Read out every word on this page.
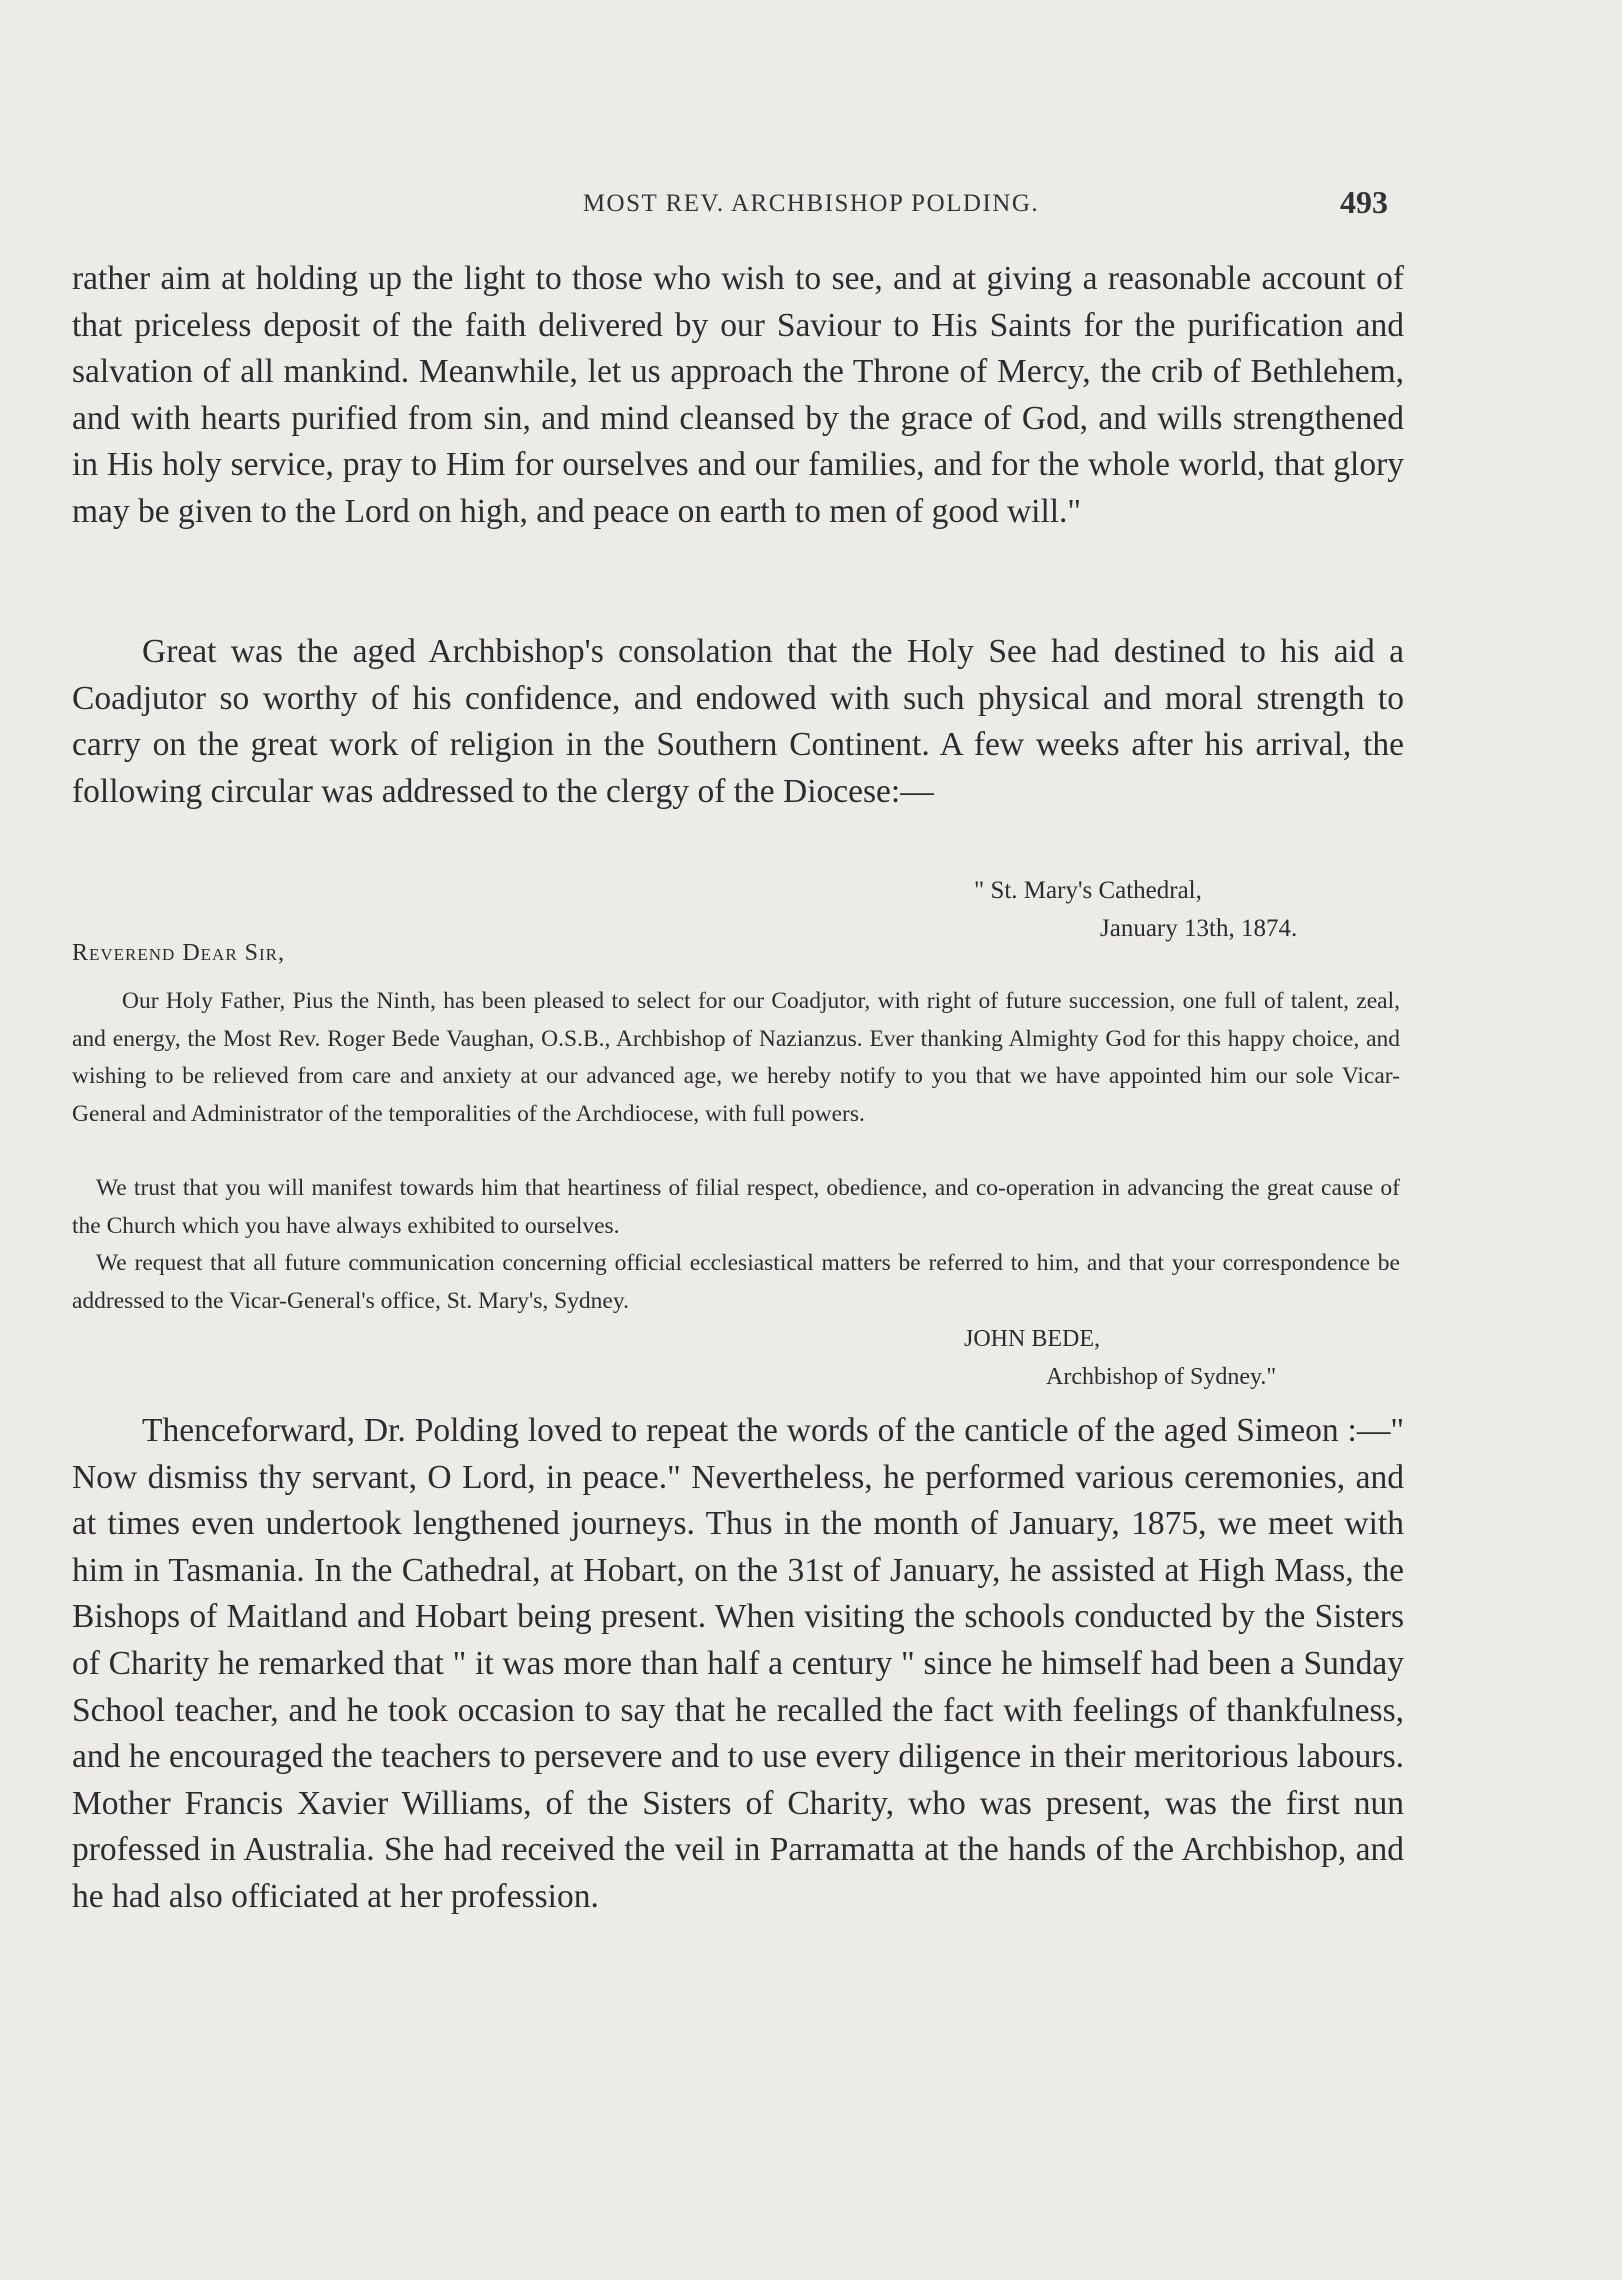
MOST REV. ARCHBISHOP POLDING.	493
rather aim at holding up the light to those who wish to see, and at giving a reasonable account of that priceless deposit of the faith delivered by our Saviour to His Saints for the purification and salvation of all mankind. Meanwhile, let us approach the Throne of Mercy, the crib of Bethlehem, and with hearts purified from sin, and mind cleansed by the grace of God, and wills strengthened in His holy service, pray to Him for ourselves and our families, and for the whole world, that glory may be given to the Lord on high, and peace on earth to men of good will."
Great was the aged Archbishop's consolation that the Holy See had destined to his aid a Coadjutor so worthy of his confidence, and endowed with such physical and moral strength to carry on the great work of religion in the Southern Continent. A few weeks after his arrival, the following circular was addressed to the clergy of the Diocese:—
" St. Mary's Cathedral,
January 13th, 1874.
Reverend Dear Sir,
Our Holy Father, Pius the Ninth, has been pleased to select for our Coadjutor, with right of future succession, one full of talent, zeal, and energy, the Most Rev. Roger Bede Vaughan, O.S.B., Archbishop of Nazianzus. Ever thanking Almighty God for this happy choice, and wishing to be relieved from care and anxiety at our advanced age, we hereby notify to you that we have appointed him our sole Vicar-General and Administrator of the temporalities of the Archdiocese, with full powers.
We trust that you will manifest towards him that heartiness of filial respect, obedience, and co-operation in advancing the great cause of the Church which you have always exhibited to ourselves.
We request that all future communication concerning official ecclesiastical matters be referred to him, and that your correspondence be addressed to the Vicar-General's office, St. Mary's, Sydney.
JOHN BEDE,
Archbishop of Sydney."
Thenceforward, Dr. Polding loved to repeat the words of the canticle of the aged Simeon :—" Now dismiss thy servant, O Lord, in peace." Nevertheless, he performed various ceremonies, and at times even undertook lengthened journeys. Thus in the month of January, 1875, we meet with him in Tasmania. In the Cathedral, at Hobart, on the 31st of January, he assisted at High Mass, the Bishops of Maitland and Hobart being present. When visiting the schools conducted by the Sisters of Charity he remarked that " it was more than half a century " since he himself had been a Sunday School teacher, and he took occasion to say that he recalled the fact with feelings of thankfulness, and he encouraged the teachers to persevere and to use every diligence in their meritorious labours. Mother Francis Xavier Williams, of the Sisters of Charity, who was present, was the first nun professed in Australia. She had received the veil in Parramatta at the hands of the Archbishop, and he had also officiated at her profession.
